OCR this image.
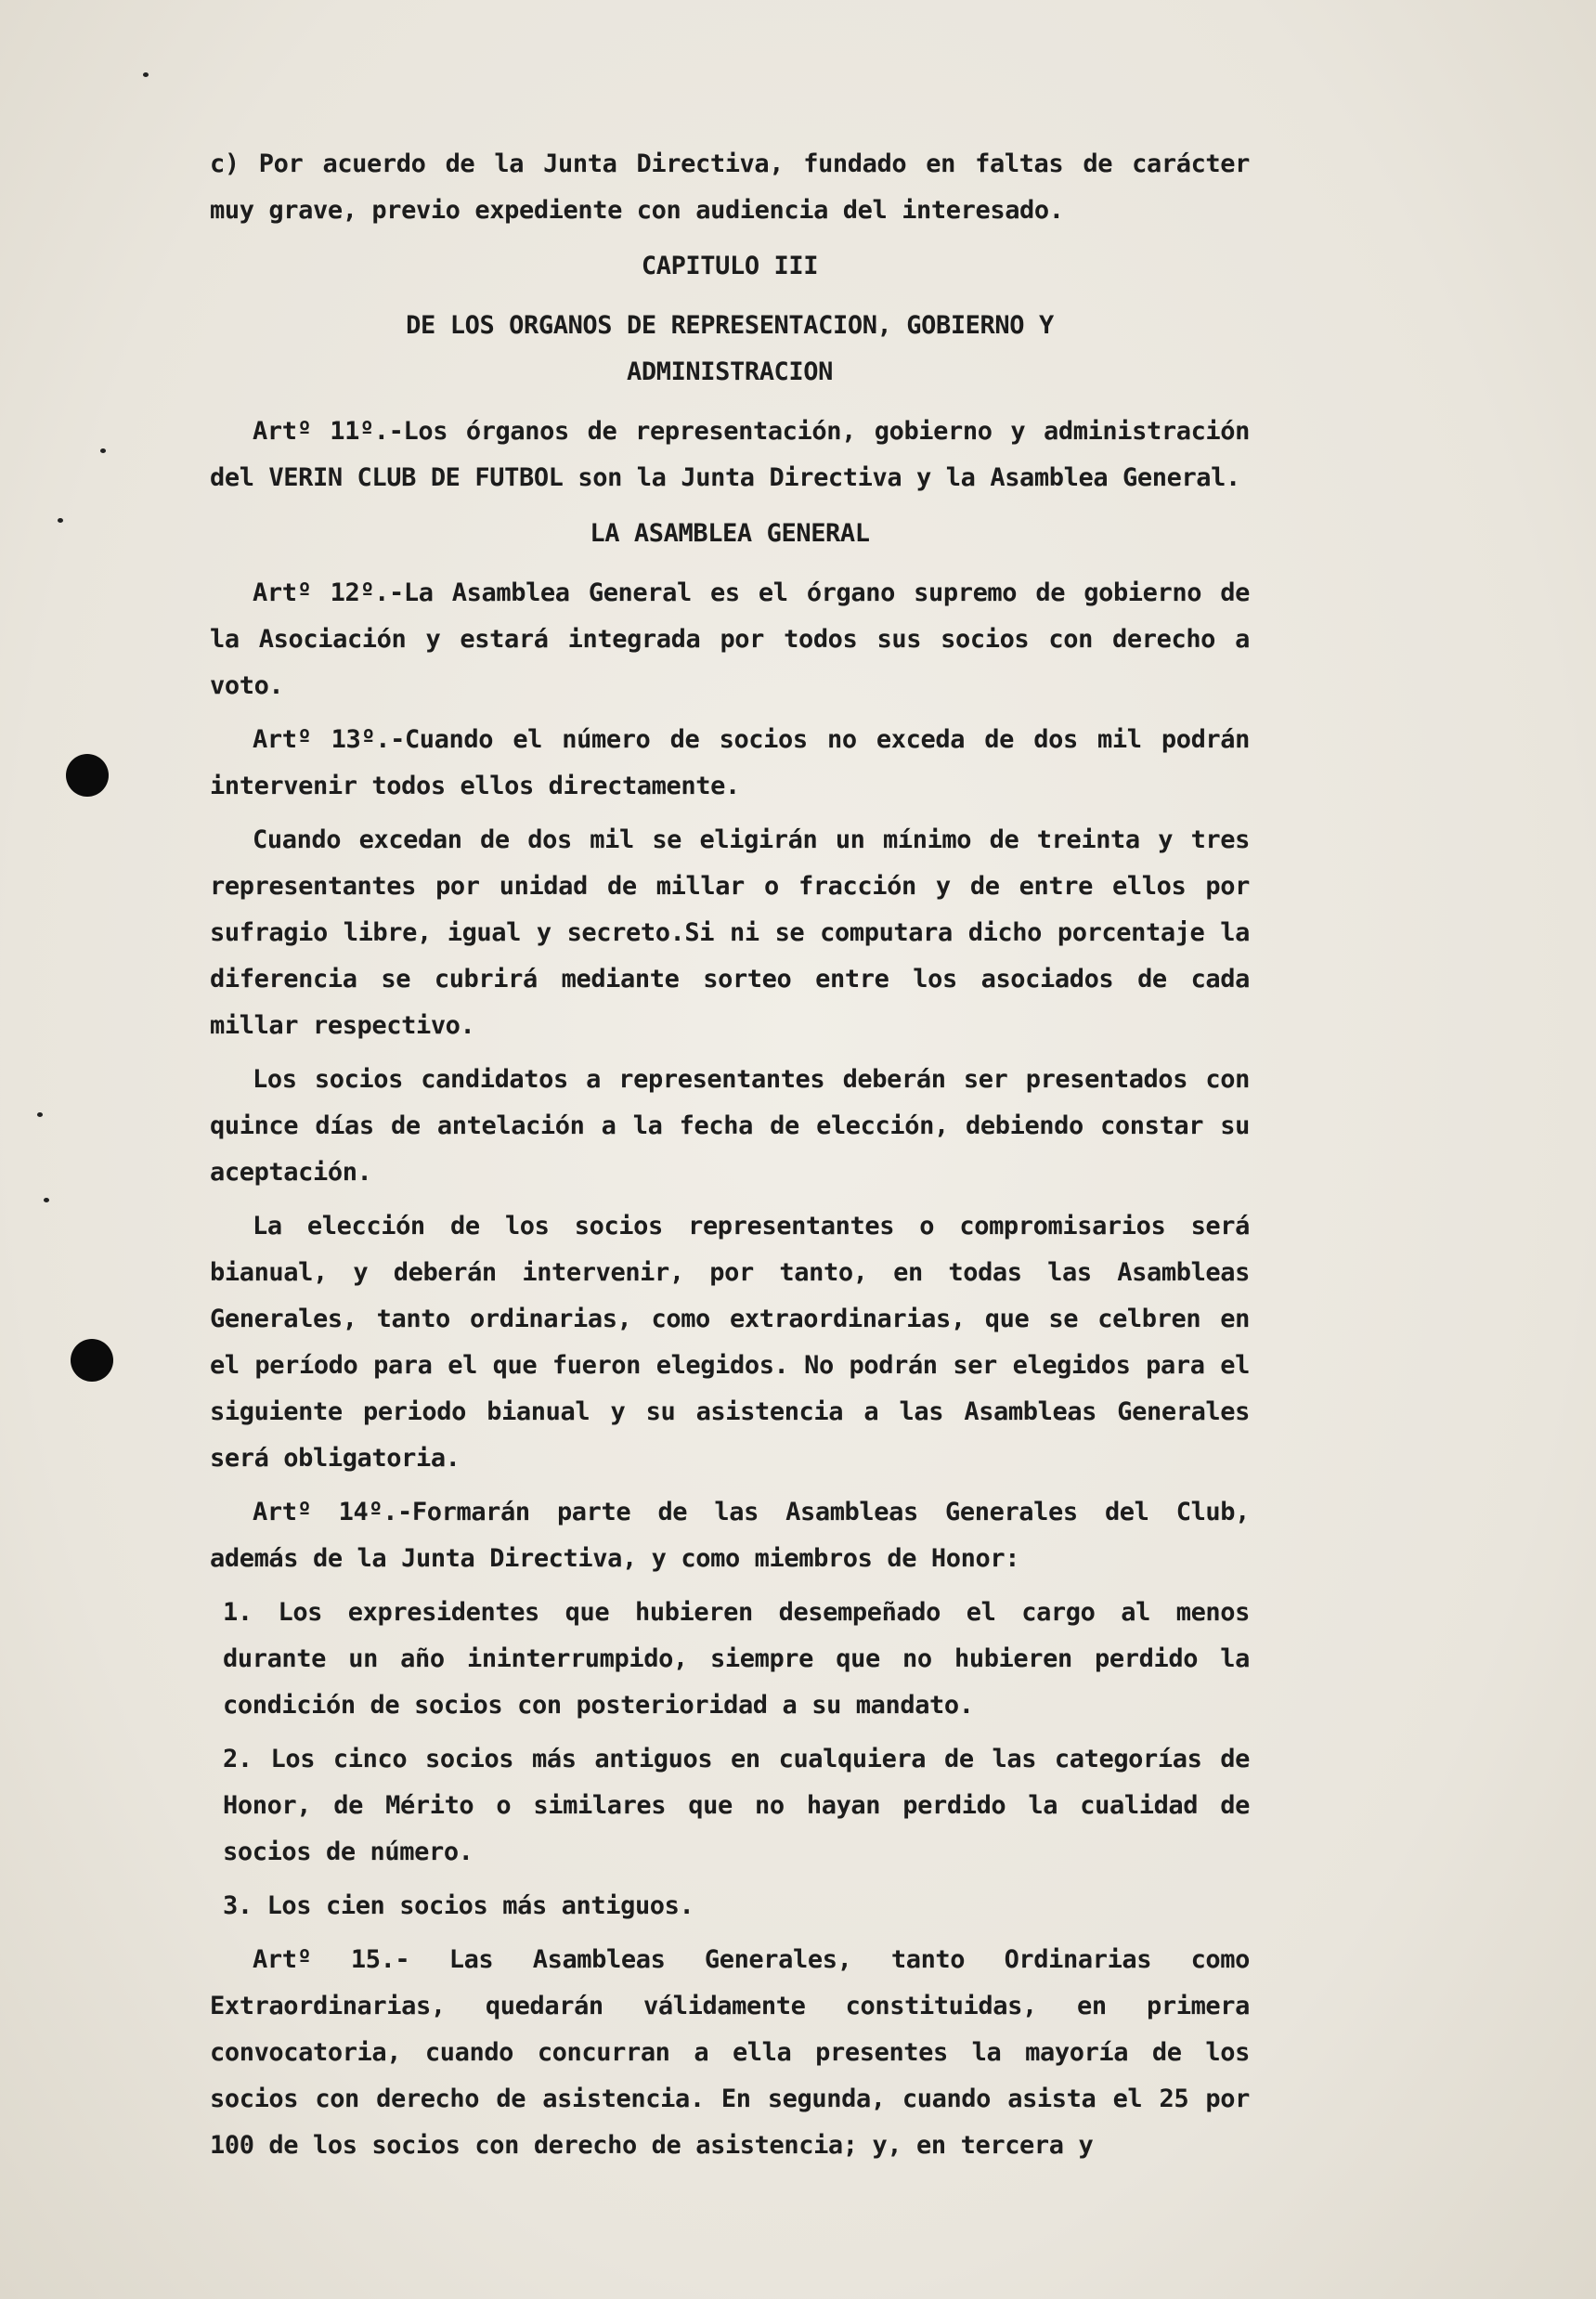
c) Por acuerdo de la Junta Directiva, fundado en faltas de carácter muy grave, previo expediente con audiencia del interesado.

CAPITULO III

DE LOS ORGANOS DE REPRESENTACION, GOBIERNO Y

ADMINISTRACION

Artº 11º.-Los órganos de representación, gobierno y administración del VERIN CLUB DE FUTBOL son la Junta Directiva y la Asamblea General.

LA ASAMBLEA GENERAL

Artº 12º.-La Asamblea General es el órgano supremo de gobierno de la Asociación y estará integrada por todos sus socios con derecho a voto.

Artº 13º.-Cuando el número de socios no exceda de dos mil podrán intervenir todos ellos directamente.

Cuando excedan de dos mil se eligirán un mínimo de treinta y tres representantes por unidad de millar o fracción y de entre ellos por sufragio libre, igual y secreto.Si ni se computara dicho porcentaje la diferencia se cubrirá mediante sorteo entre los asociados de cada millar respectivo.

Los socios candidatos a representantes deberán ser presentados con quince días de antelación a la fecha de elección, debiendo constar su aceptación.

La elección de los socios representantes o compromisarios será bianual, y deberán intervenir, por tanto, en todas las Asambleas Generales, tanto ordinarias, como extraordinarias, que se celbren en el período para el que fueron elegidos. No podrán ser elegidos para el siguiente periodo bianual y su asistencia a las Asambleas Generales será obligatoria.

Artº 14º.-Formarán parte de las Asambleas Generales del Club, además de la Junta Directiva, y como miembros de Honor:

1. Los expresidentes que hubieren desempeñado el cargo al menos durante un año ininterrumpido, siempre que no hubieren perdido la condición de socios con posterioridad a su mandato.

2. Los cinco socios más antiguos en cualquiera de las categorías de Honor, de Mérito o similares que no hayan perdido la cualidad de socios de número.

3. Los cien socios más antiguos.

Artº 15.- Las Asambleas Generales, tanto Ordinarias como Extraordinarias, quedarán válidamente constituidas, en primera convocatoria, cuando concurran a ella presentes la mayoría de los socios con derecho de asistencia. En segunda, cuando asista el 25 por 100 de los socios con derecho de asistencia; y, en tercera y
